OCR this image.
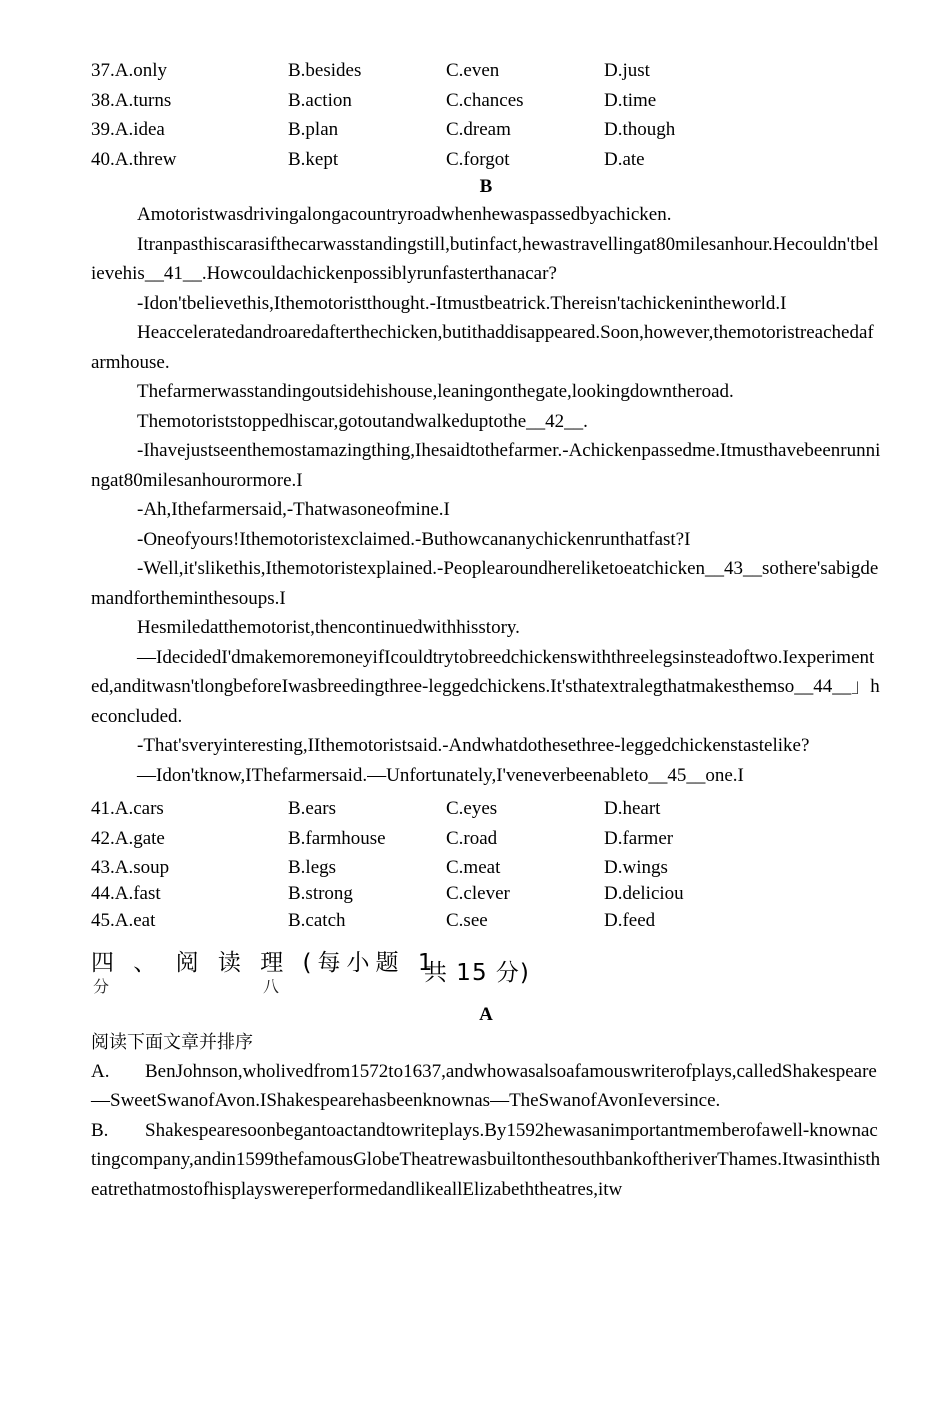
37.A.only	B.besides	C.even	D.just
38.A.turns	B.action	C.chances	D.time
39.A.idea	B.plan	C.dream	D.though
40.A.threw	B.kept	C.forgot	D.ate
B
Amotoristwasdrivingalongacountryroadwhenhewaspassedbyachicken.
Itranpasthiscarasifthecarwasstandingstill,butinfact,hewastravellingat80milesanhour.Hecouldn'tbelievehis__41__.Howcouldachickenpossiblyrunfasterthanacar?
-Idon'tbelievethis,Ithemotoristthought.-Itmustbeatrick.Thereisn'tachickenintheworld.I
Heacceleratedandroaredafterthechicken,butithaddisappeared.Soon,however,themotoristreachedafarmhouse.
Thefarmerwasstandingoutsidehishouse,leaningonthegate,lookingdowntheroad.
Themotoriststoppedhiscar,gotoutandwalkeduptothe__42__.
-Ihavejustseenthemostamazingthing,Ihesaidtothefarmer.-Achickenpassedme.Itmusthavebeenrunningat80milesanhourormore.I
-Ah,Ithefarmersaid,-Thatwasoneofmine.I
-Oneofyours!Ithemotoristexclaimed.-Buthowcananychickenrunthatfast?I
-Well,it'slikethis,Ithemotoristexplained.-Peoplearoundhereliketoeatchicken__43__sothere'sabigdemandfortheminthesoups.I
Hesmiledatthemotorist,thencontinuedwithhisstory.
—IdecidedI'dmakemoremoneyifIcouldtrytobreedchickenswiththreelegsinsteadoftwo.Iexperimented,anditwasn'tlongbeforeIwasbreedingthree-leggedchickens.It'sthatextralegthatmakesthemso__44__」heconcluded.
-That'sveryinteresting,IIthemotoristsaid.-Andwhatdothesethree-leggedchickenstastelike?
—Idon'tknow,IThefarmersaid.—Unfortunately,I'veneverbeenableto__45__one.I
41.A.cars	B.ears	C.eyes	D.heart
42.A.gate	B.farmhouse	C.road	D.farmer
43.A.soup	B.legs	C.meat	D.wings
44.A.fast	B.strong	C.clever	D.deliciou
45.A.eat	B.catch	C.see	D.feed
四 、 阅 读 理 (每小题 1
共 15 分)
分	八
A
阅读下面文章并排序
A. BenJohnson,wholivedfrom1572to1637,andwhowasalsoafamouswriterofplays,calledShakespeare—SweetSwanofAvon.IShakespearehasbeenknownas—TheSwanofAvonIeversince.
B. Shakespearesoonbegantoactandtowriteplays.By1592hewasanimportantmemberofawell-knownactingcompany,andin1599thefamousGlobeTheatrewasbuiltonthesouthbankoftheriverThames.ItwasinthistheatrethatmostofhisplayswereperformedandlikeallElizabeththeatres,itw
